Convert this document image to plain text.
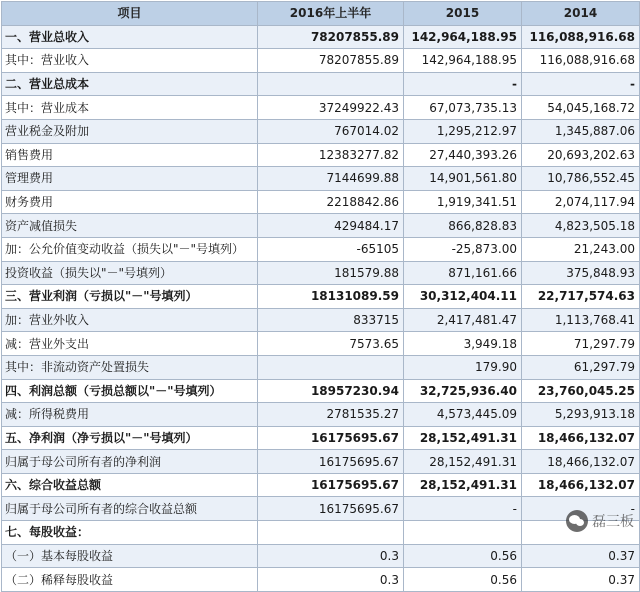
项目	2016年上半年	2015	2014
一、营业总收入	78207855.89	142,964,188.95	116,088,916.68
其中：营业收入	78207855.89	142,964,188.95	116,088,916.68
二、营业总成本		-	-
其中：营业成本	37249922.43	67,073,735.13	54,045,168.72
营业税金及附加	767014.02	1,295,212.97	1,345,887.06
销售费用	12383277.82	27,440,393.26	20,693,202.63
管理费用	7144699.88	14,901,561.80	10,786,552.45
财务费用	2218842.86	1,919,341.51	2,074,117.94
资产减值损失	429484.17	866,828.83	4,823,505.18
加：公允价值变动收益（损失以"－"号填列）	-65105	-25,873.00	21,243.00
投资收益（损失以"－"号填列）	181579.88	871,161.66	375,848.93
三、营业利润（亏损以"－"号填列）	18131089.59	30,312,404.11	22,717,574.63
加：营业外收入	833715	2,417,481.47	1,113,768.41
减：营业外支出	7573.65	3,949.18	71,297.79
其中：非流动资产处置损失		179.90	61,297.79
四、利润总额（亏损总额以"－"号填列）	18957230.94	32,725,936.40	23,760,045.25
减：所得税费用	2781535.27	4,573,445.09	5,293,913.18
五、净利润（净亏损以"－"号填列）	16175695.67	28,152,491.31	18,466,132.07
归属于母公司所有者的净利润	16175695.67	28,152,491.31	18,466,132.07
六、综合收益总额	16175695.67	28,152,491.31	18,466,132.07
归属于母公司所有者的综合收益总额	16175695.67	-	-
七、每股收益：			
（一）基本每股收益	0.3	0.56	0.37
（二）稀释每股收益	0.3	0.56	0.37
磊三板
